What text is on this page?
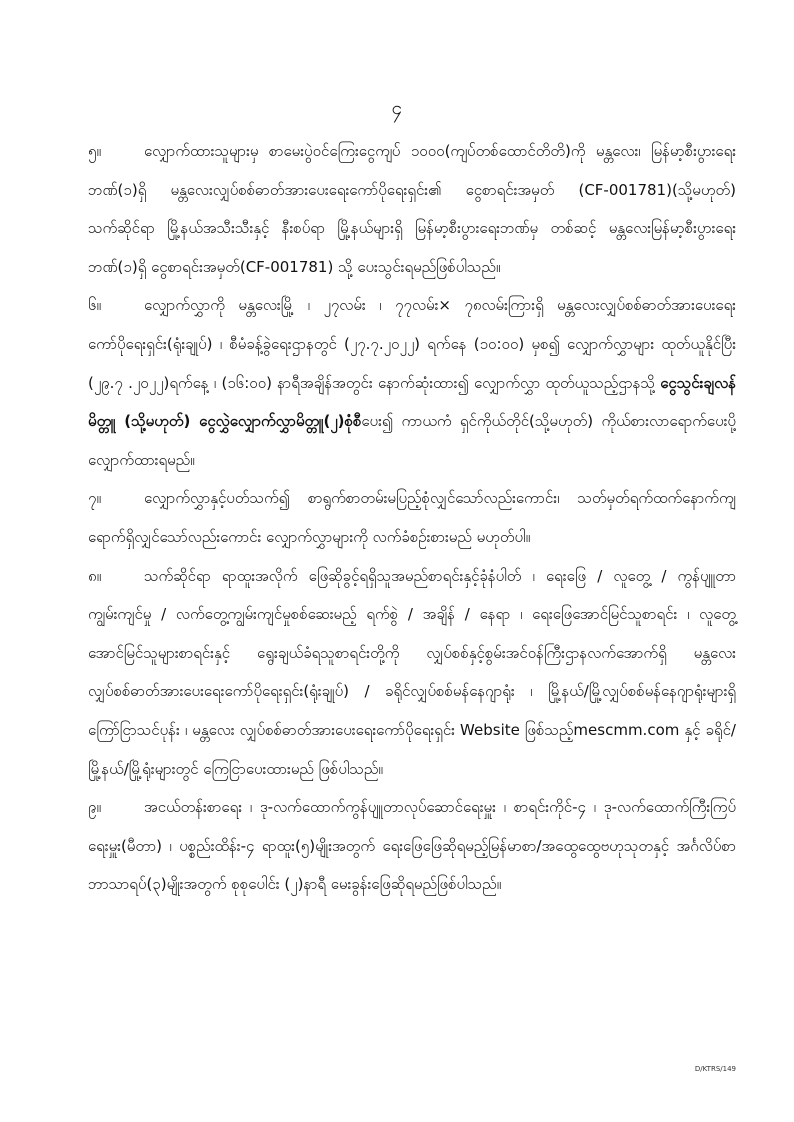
၄

၅။	လျှောက်ထားသူများမှ စာမေးပွဲဝင်ကြေးငွေကျပ် ၁၀၀၀(ကျပ်တစ်ထောင်တိတိ)ကို မန္တလေး၊ မြန်မာ့စီးပွားရေးဘဏ်(၁)ရှိ မန္တလေးလျှပ်စစ်ဓာတ်အားပေးရေးကော်ပိုရေးရှင်း၏ ငွေစာရင်းအမှတ် (CF-001781)(သို့မဟုတ်) သက်ဆိုင်ရာ မြို့နယ်အသီးသီးနှင့် နီးစပ်ရာ မြို့နယ်များရှိ မြန်မာ့စီးပွားရေးဘဏ်မှ တစ်ဆင့် မန္တလေးမြန်မာ့စီးပွားရေးဘဏ်(၁)ရှိ ငွေစာရင်းအမှတ်(CF-001781) သို့ ပေးသွင်းရမည်ဖြစ်ပါသည်။

၆။	လျှောက်လွှာကို မန္တလေးမြို့ ၊ ၂၇လမ်း ၊ ၇၇လမ်း× ၇၈လမ်းကြားရှိ မန္တလေးလျှပ်စစ်ဓာတ်အားပေးရေးကော်ပိုရေးရှင်း(ရုံးချုပ်) ၊ စီမံခန့်ခွဲရေးဌာနတွင် (၂၇.၇.၂၀၂၂) ရက်နေ (၁၀:၀၀) မှစ၍ လျှောက်လွှာများ ထုတ်ယူနိုင်ပြီး (၂၉.၇ .၂၀၂၂)ရက်နေ့ ၊ (၁၆:၀၀) နာရီအချိန်အတွင်း နောက်ဆုံးထား၍ လျှောက်လွှာ ထုတ်ယူသည့်ဌာနသို့ ငွေသွင်းချလန်မိတ္တူ (သို့မဟုတ်) ငွေလွှဲလျှောက်လွှာမိတ္တူ(၂)စုံစီပေး၍ ကာယကံ ရှင်ကိုယ်တိုင်(သို့မဟုတ်) ကိုယ်စားလာရောက်ပေးပို့လျှောက်ထားရမည်။

၇။	လျှောက်လွှာနှင့်ပတ်သက်၍ စာရွက်စာတမ်းမပြည့်စုံလျှင်သော်လည်းကောင်း၊ သတ်မှတ်ရက်ထက်နောက်ကျရောက်ရှိလျှင်သော်လည်းကောင်း လျှောက်လွှာများကို လက်ခံစဉ်းစားမည် မဟုတ်ပါ။

၈။	သက်ဆိုင်ရာ ရာထူးအလိုက် ဖြေဆိုခွင့်ရရှိသူအမည်စာရင်းနှင့်ခုံနံပါတ် ၊ ရေးဖြေ / လူတွေ့ / ကွန်ပျူတာကျွမ်းကျင်မှု / လက်တွေ့ကျွမ်းကျင်မှုစစ်ဆေးမည့် ရက်စွဲ / အချိန် / နေရာ ၊ ရေးဖြေအောင်မြင်သူစာရင်း ၊ လူတွေ့အောင်မြင်သူများစာရင်းနှင့် ရွေးချယ်ခံရသူစာရင်းတို့ကို လျှပ်စစ်နှင့်စွမ်းအင်ဝန်ကြီးဌာနလက်အောက်ရှိ မန္တလေးလျှပ်စစ်ဓာတ်အားပေးရေးကော်ပိုရေးရှင်း(ရုံးချုပ်) / ခရိုင်လျှပ်စစ်မန်နေဂျာရုံး ၊ မြို့နယ်/မြို့လျှပ်စစ်မန်နေဂျာရုံးများရှိ ကြော်ငြာသင်ပုန်း ၊ မန္တလေး လျှပ်စစ်ဓာတ်အားပေးရေးကော်ပိုရေးရှင်း Website ဖြစ်သည့်mescmm.com နှင့် ခရိုင်/မြို့နယ်/မြို့ရုံးများတွင် ကြေငြာပေးထားမည် ဖြစ်ပါသည်။

၉။	အငယ်တန်းစာရေး ၊ ဒု-လက်ထောက်ကွန်ပျူတာလုပ်ဆောင်ရေးမှူး ၊ စာရင်းကိုင်-၄ ၊ ဒု-လက်ထောက်ကြီးကြပ်ရေးမှူး(မီတာ) ၊ ပစ္စည်းထိန်း-၄ ရာထူး(၅)မျိုးအတွက် ရေးဖြေဖြေဆိုရမည့်မြန်မာစာ/အထွေထွေဗဟုသုတနှင့် အင်္ဂလိပ်စာဘာသာရပ်(၃)မျိုးအတွက် စုစုပေါင်း (၂)နာရီ မေးခွန်းဖြေဆိုရမည်ဖြစ်ပါသည်။

D/KTRS/149
